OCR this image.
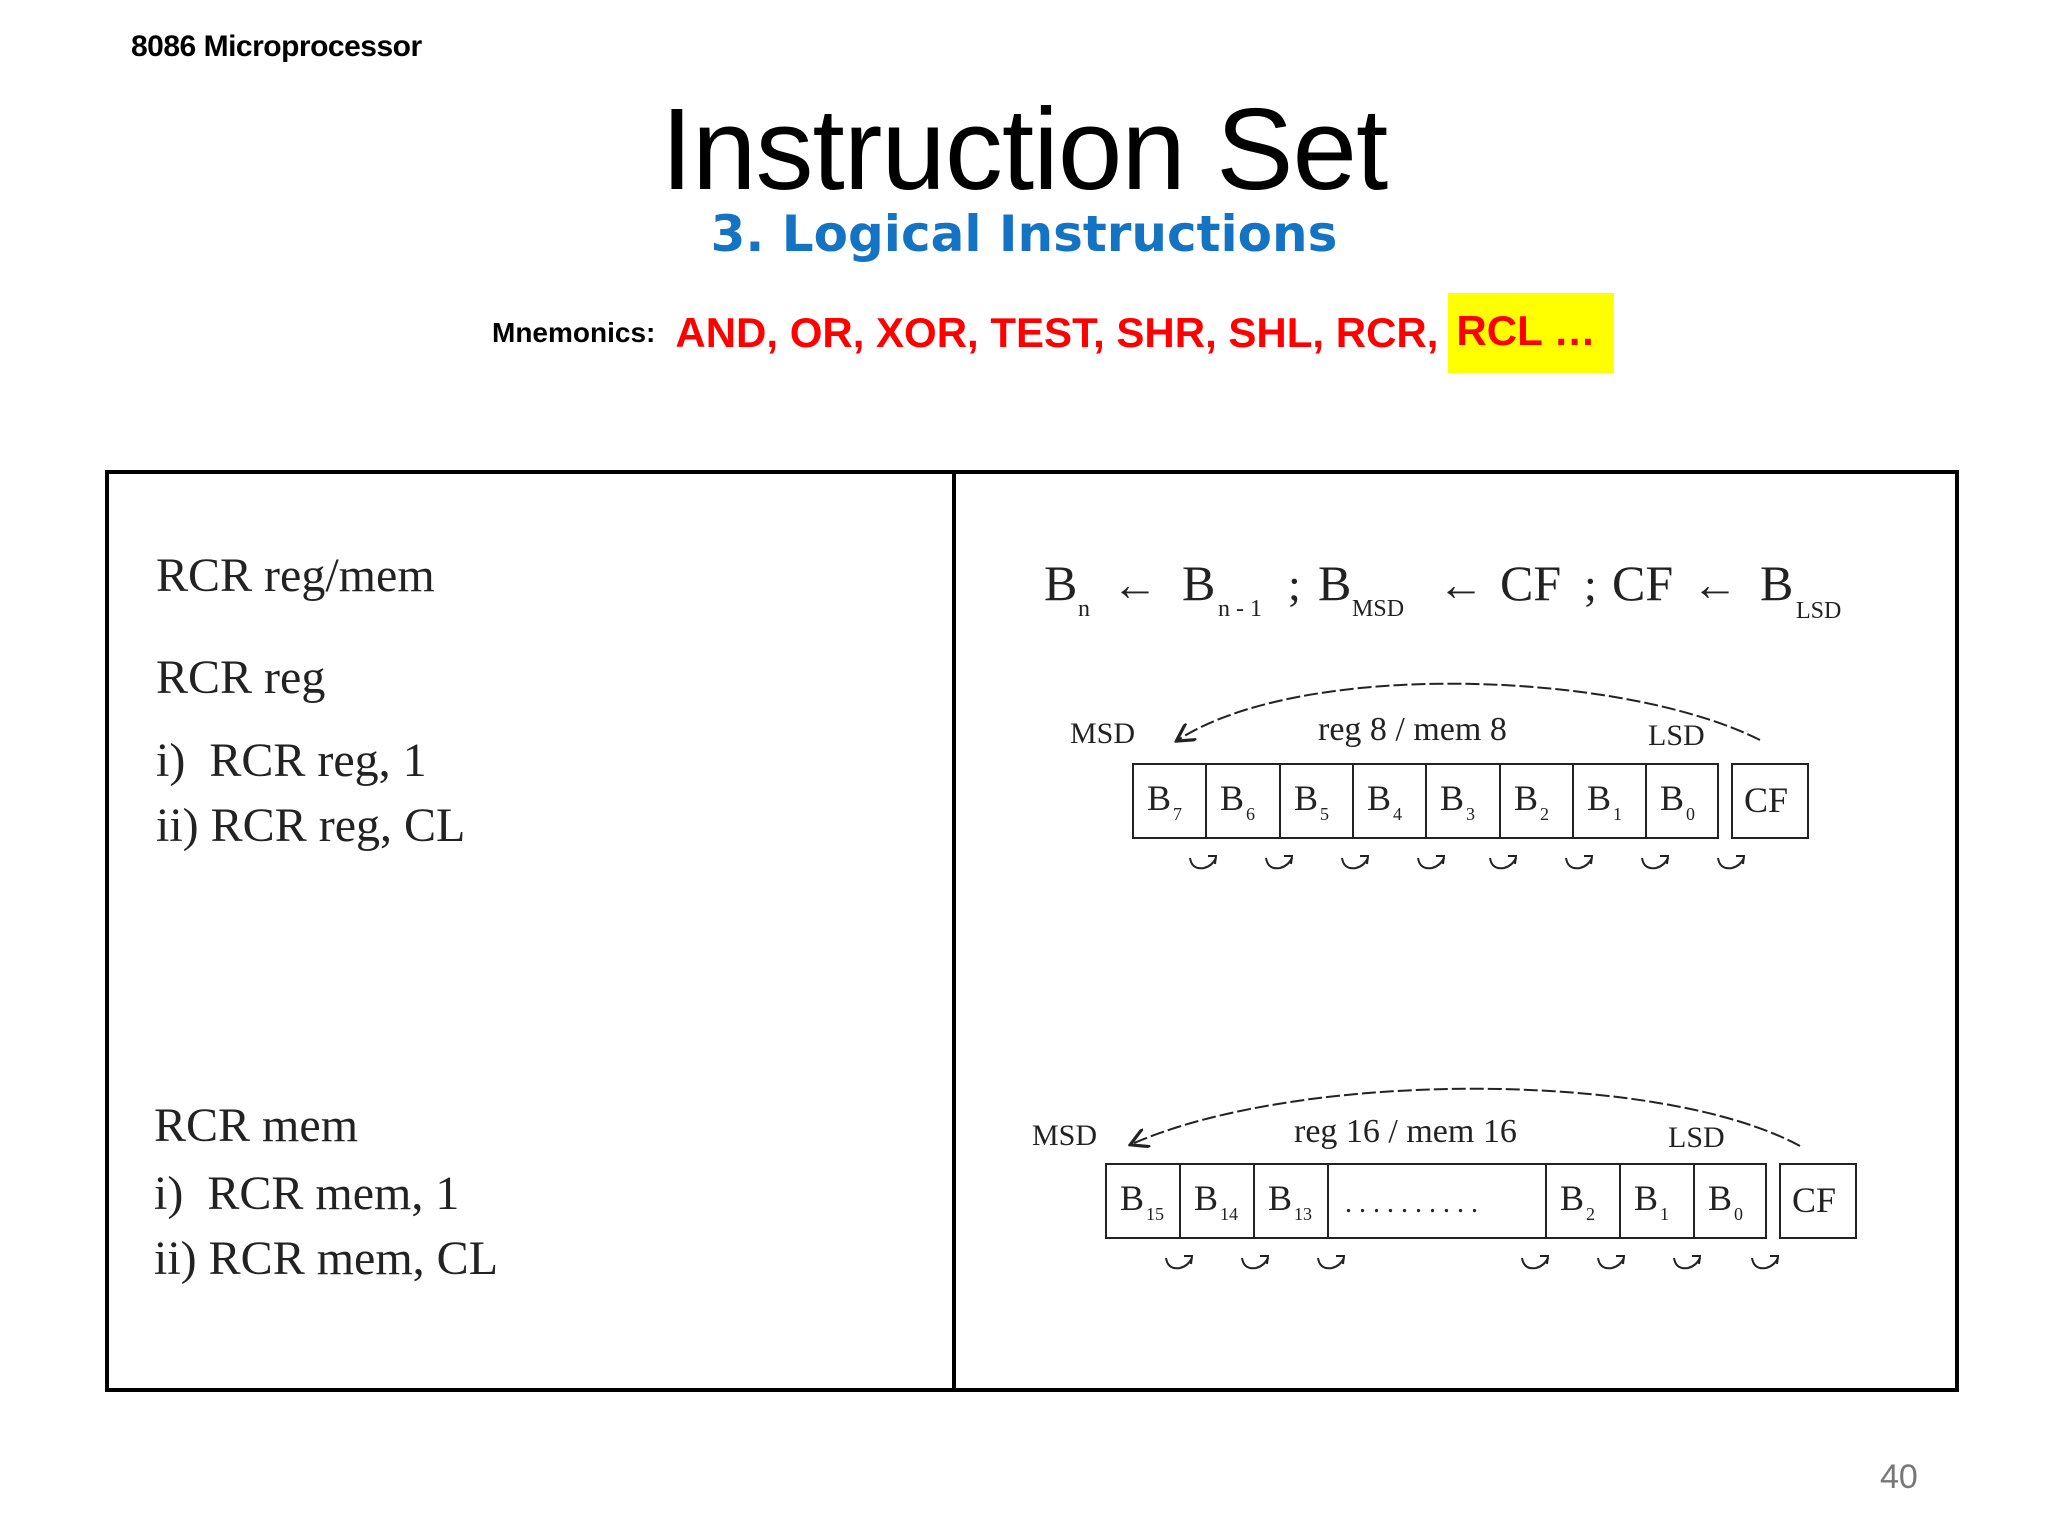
8086 Microprocessor
Instruction Set
3. Logical Instructions
Mnemonics: AND, OR, XOR, TEST, SHR, SHL, RCR, RCL …
RCR reg/mem
RCR reg
i)  RCR reg, 1
ii) RCR reg, CL
RCR mem
i)  RCR mem, 1
ii) RCR mem, CL
B n ← B n - 1 ; B MSD ← CF ; CF ← B LSD
MSD	reg 8 / mem 8	LSD
B 7 B 6 B 5 B 4 B 3 B 2 B 1 B 0 CF
MSD	reg 16 / mem 16	LSD
B 15 B 14 B 13	B 2 B 1 B 0
. . . . . . . . . .	CF
40
